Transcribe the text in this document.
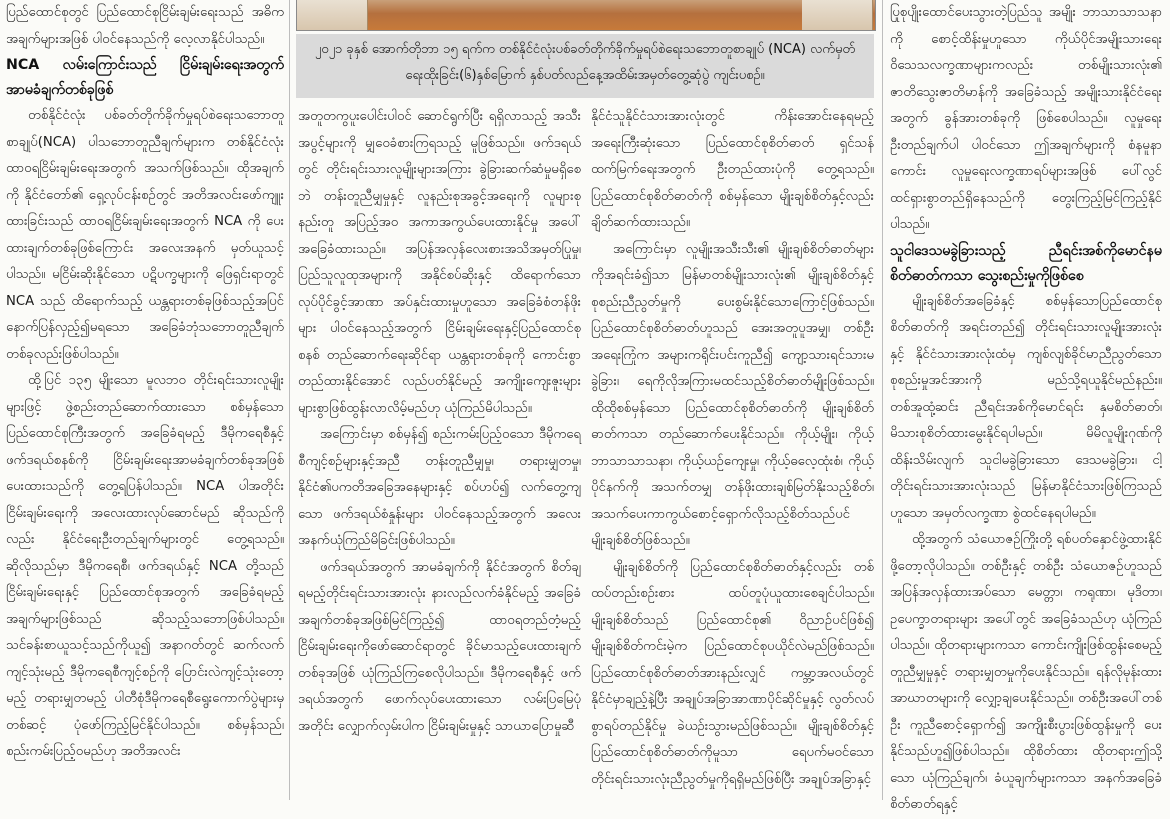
ပြည်ထောင်စုတွင် ပြည်ထောင်စုငြိမ်းချမ်းရေးသည် အဓိကအချက်များအဖြစ် ပါဝင်နေသည်ကို လေ့လာနိုင်ပါသည်။

NCA လမ်းကြောင်းသည် ငြိမ်းချမ်းရေးအတွက် အာမခံချက်တစ်ခုဖြစ်

တစ်နိုင်ငံလုံး ပစ်ခတ်တိုက်ခိုက်မှုရပ်စဲရေးသဘောတူစာချုပ်(NCA) ပါသဘောတူညီချက်များက တစ်နိုင်ငံလုံးထာဝရငြိမ်းချမ်းရေးအတွက် အသက်ဖြစ်သည်။ ထိုအချက်ကို နိုင်ငံတော်၏ ရှေ့လုပ်ငန်းစဉ်တွင် အတိအလင်းဖော်ကျူးထားခြင်းသည် ထာဝရငြိမ်းချမ်းရေးအတွက် NCA ကို ပေးထားချက်တစ်ခုဖြစ်ကြောင်း အလေးအနက် မှတ်ယူသင့်ပါသည်။ မငြိမ်းဆိုးနိုင်သော ပဋိပက္ခများကို ဖြေရှင်းရာတွင် NCA သည် ထိရောက်သည့် ယန္တရားတစ်ခုဖြစ်သည့်အပြင် နောက်ပြန်လှည့်၍မရသော အခြေခံဘုံသဘောတူညီချက်တစ်ခုလည်းဖြစ်ပါသည်။

ထို့ပြင် ၁၃၅ မျိုးသော မူလဘဝ တိုင်းရင်းသားလူမျိုးများဖြင့် ဖွဲ့စည်းတည်ဆောက်ထားသော စစ်မှန်သောပြည်ထောင်စုကြီးအတွက် အခြေခံရမည့် ဒီမိုကရေစီနှင့် ဖက်ဒရယ်စနစ်ကို ငြိမ်းချမ်းရေးအာမခံချက်တစ်ခုအဖြစ် ပေးထားသည်ကို တွေ့ရပြန်ပါသည်။ NCA ပါအတိုင်း ငြိမ်းချမ်းရေးကို အလေးထားလုပ်ဆောင်မည် ဆိုသည်ကိုလည်း နိုင်ငံရေးဦးတည်ချက်များတွင် တွေ့ရသည်။ ဆိုလိုသည်မှာ ဒီမိုကရေစီ၊ ဖက်ဒရယ်နှင့် NCA တို့သည် ငြိမ်းချမ်းရေးနှင့် ပြည်ထောင်စုအတွက် အခြေခံရမည့်အချက်များဖြစ်သည် ဆိုသည့်သဘောဖြစ်ပါသည်။ သင်ခန်းစာယူသင့်သည်ကိုယူ၍ အနာဂတ်တွင် ဆက်လက်ကျင့်သုံးမည့် ဒီမိုကရေစီကျင့်စဉ်ကို ပြောင်းလဲကျင့်သုံးတော့မည့် တရားမျှတမည့် ပါတီစုံဒီမိုကရေစီရွေးကောက်ပွဲများမှတစ်ဆင့် ပုံဖော်ကြည့်မြင်နိုင်ပါသည်။ စစ်မှန်သည်၊ စည်းကမ်းပြည့်ဝမည်ဟု အတိအလင်း

၂၀၂၁ ခုနှစ် အောက်တိုဘာ ၁၅ ရက်က တစ်နိုင်ငံလုံးပစ်ခတ်တိုက်ခိုက်မှုရပ်စဲရေးသဘောတူစာချုပ် (NCA) လက်မှတ်ရေးထိုးခြင်း(၆)နှစ်မြောက် နှစ်ပတ်လည်နေ့အထိမ်းအမှတ်တွေ့ဆုံပွဲ ကျင်းပစဉ်။

အတူတကွပူးပေါင်းပါဝင် ဆောင်ရွက်ပြီး ရရှိလာသည့် အသီးအပွင့်များကို မျှဝေခံစားကြရသည့် မူဖြစ်သည်။ ဖက်ဒရယ်တွင် တိုင်းရင်းသားလူမျိုးများအကြား ခွဲခြားဆက်ဆံမှုမရှိစေဘဲ တန်းတူညီမျှမှုနှင့် လူနည်းစုအခွင့်အရေးကို လူများစုနည်းတူ အပြည့်အဝ အကာအကွယ်ပေးထားနိုင်မှု အပေါ် အခြေခံထားသည်။ အပြန်အလှန်လေးစားအသိအမှတ်ပြုမှု၊ ပြည်သူလူထုအများကို အနိုင်စပ်ဆိုးနှင့် ထိရောက်သော လုပ်ပိုင်ခွင့်အာဏာ အပ်နှင်းထားမှုဟူသော အခြေခံစံတန်ဖိုးများ ပါဝင်နေသည့်အတွက် ငြိမ်းချမ်းရေးနှင့်ပြည်ထောင်စုစနစ် တည်ဆောက်ရေးဆိုင်ရာ ယန္တရားတစ်ခုကို ကောင်းစွာတည်ထားနိုင်အောင် လည်ပတ်နိုင်မည့် အကျိုးကျေးဇူးများ များစွာဖြစ်ထွန်းလာလိမ့်မည်ဟု ယုံကြည်မိပါသည်။

အကြောင်းမှာ စစ်မှန်၍ စည်းကမ်းပြည့်ဝသော ဒီမိုကရေစီကျင့်စဉ်များနှင့်အညီ တန်းတူညီမျှမှု၊ တရားမျှတမှု၊ နိုင်ငံ၏ပကတိအခြေအနေများနှင့် စပ်ဟပ်၍ လက်တွေ့ကျသော ဖက်ဒရယ်စံနှုန်းများ ပါဝင်နေသည့်အတွက် အလေးအနက်ယုံကြည်မိခြင်းဖြစ်ပါသည်။

ဖက်ဒရယ်အတွက် အာမခံချက်ကို နိုင်ငံအတွက် စိတ်ချရမည့်တိုင်းရင်းသားအားလုံး နားလည်လက်ခံနိုင်မည့် အခြေခံအချက်တစ်ခုအဖြစ်မြင်ကြည့်၍ ထာဝရတည်တံ့မည့် ငြိမ်းချမ်းရေးကိုဖော်ဆောင်ရာတွင် ခိုင်မာသည့်ပေးထားချက်တစ်ခုအဖြစ် ယုံကြည်ကြစေလိုပါသည်။ ဒီမိုကရေစီနှင့် ဖက်ဒရယ်အတွက် ဖောက်လုပ်ပေးထားသော လမ်းပြမြေပုံအတိုင်း လျှောက်လှမ်းပါက ငြိမ်းချမ်းမှုနှင့် သာယာပြောမှုဆီ

နိုင်ငံသူနိုင်ငံသားအားလုံးတွင် ကိန်းအောင်းနေရမည့် အရေးကြီးဆုံးသော ပြည်ထောင်စုစိတ်ဓာတ် ရှင်သန်ထက်မြက်ရေးအတွက် ဦးတည်ထားပုံကို တွေ့ရသည်။ ပြည်ထောင်စုစိတ်ဓာတ်ကို စစ်မှန်သော မျိုးချစ်စိတ်နှင့်လည်း ချိတ်ဆက်ထားသည်။

အကြောင်းမှာ လူမျိုးအသီးသီး၏ မျိုးချစ်စိတ်ဓာတ်များကိုအရင်းခံ၍သာ မြန်မာတစ်မျိုးသားလုံး၏ မျိုးချစ်စိတ်နှင့် စုစည်းညီညွတ်မှုကို ပေးစွမ်းနိုင်သောကြောင့်ဖြစ်သည်။ ပြည်ထောင်စုစိတ်ဓာတ်ဟူသည် အေးအတူပူအမျှ၊ တစ်ဦးအရေးကြုံက အများကရိုင်းပင်းကူညီ၍ ကျော့သားရင်သားမခွဲခြား၊ ရေကိုလိုအကြားမထင်သည့်စိတ်ဓာတ်မျိုးဖြစ်သည်။ ထိုထိုစစ်မှန်သော ပြည်ထောင်စုစိတ်ဓာတ်ကို မျိုးချစ်စိတ်ဓာတ်ကသာ တည်ဆောက်ပေးနိုင်သည်။ ကိုယ့်မျိုး၊ ကိုယ့်ဘာသာသာသနာ၊ ကိုယ့်ယဉ်ကျေးမှု၊ ကိုယ့်ဓလေ့ထုံးစံ၊ ကိုယ့်ပိုင်နက်ကို အသက်တမျှ တန်ဖိုးထားချစ်မြတ်နိုးသည့်စိတ်၊ အသက်ပေးကာကွယ်စောင့်ရှောက်လိုသည့်စိတ်သည်ပင် မျိုးချစ်စိတ်ဖြစ်သည်။

မျိုးချစ်စိတ်ကို ပြည်ထောင်စုစိတ်ဓာတ်နှင့်လည်း တစ်ထပ်တည်းစဉ်းစား ထပ်တူပုံယူထားစေချင်ပါသည်။ မျိုးချစ်စိတ်သည် ပြည်ထောင်စု၏ ဝိညာဉ်ပင်ဖြစ်၍ မျိုးချစ်စိတ်ကင်းမဲ့က ပြည်ထောင်စုပယိုင်လဲမည်ဖြစ်သည်။ ပြည်ထောင်စုစိတ်ဓာတ်အားနည်းလျှင် ကမ္ဘာ့အလယ်တွင် နိုင်ငံမှာချည့်နဲ့ပြီး အချုပ်အခြာအာဏာပိုင်ဆိုင်မှုနှင့် လွတ်လပ်စွာရပ်တည်နိုင်မှု ခဲယဉ်းသွားမည်ဖြစ်သည်။ မျိုးချစ်စိတ်နှင့်ပြည်ထောင်စုစိတ်ဓာတ်ကိုမူသာ ရေပက်မဝင်သော တိုင်းရင်းသားလုံးညီညွတ်မှုကိုရရှိမည်ဖြစ်ပြီး အချုပ်အခြာနှင့်

ပြုစုပျိုးထောင်ပေးသွားတဲ့ပြည်သူ အမျိုး ဘာသာသာသနာကို စောင့်ထိန်းမှုဟူသော ကိုယ်ပိုင်အမျိုးသားရေး ဝိသေသလက္ခဏာများကလည်း တစ်မျိုးသားလုံး၏ ဇာတိသွေးဇာတိမာန်ကို အခြေခံသည့် အမျိုးသားနိုင်ငံရေးအတွက် ခွန်အားတစ်ခုကို ဖြစ်စေပါသည်။ လူမှုရေးဦးတည်ချက်ပါ ပါဝင်သော ဤအချက်များကို စံနမူနာကောင်း လူမှုရေးလက္ခဏာရပ်များအဖြစ် ပေါ်လွင်ထင်ရှားစွာတည်ရှိနေသည်ကို တွေးကြည့်မြင်ကြည့်နိုင်ပါသည်။

သူငါဒေသမခွဲခြားသည့် ညီရင်းအစ်ကိုမောင်နမစိတ်ဓာတ်ကသာ သွေးစည်းမှုကိုဖြစ်စေ

မျိုးချစ်စိတ်အခြေခံနှင့် စစ်မှန်သောပြည်ထောင်စုစိတ်ဓာတ်ကို အရင်းတည်၍ တိုင်းရင်းသားလူမျိုးအားလုံးနှင့် နိုင်ငံသားအားလုံးထံမှ ကျစ်လျစ်ခိုင်မာညီညွတ်သော စုစည်းမှုအင်အားကို မည်သို့ရယူနိုင်မည်နည်း။ တစ်အူထုံ့ဆင်း ညီရင်းအစ်ကိုမောင်ရင်း နှမစိတ်ဓာတ်၊ မိသားစုစိတ်ထားမွေးနိုင်ရပါမည်။ မိမိလူမျိုးဂုဏ်ကိုထိန်းသိမ်းလျက် သူငါမခွဲခြားသော ဒေသမခွဲခြား၊ ငါ့တိုင်းရင်းသားအားလုံးသည် မြန်မာနိုင်ငံသားဖြစ်ကြသည်ဟူသော အမှတ်လက္ခဏာ စွဲထင်နေရပါမည်။

ထို့အတွက် သံယောဇဉ်ကြိုးတို့ ရစ်ပတ်နှောင်ဖွဲ့ထားနိုင်ဖို့တော့လိုပါသည်။ တစ်ဦးနှင့် တစ်ဦး သံယောဇဉ်ဟူသည် အပြန်အလှန်ထားအပ်သော မေတ္တာ၊ ကရုဏာ၊ မုဒိတာ၊ ဥပေက္ခာတရားများ အပေါ်တွင် အခြေခံသည်ဟု ယုံကြည်ပါသည်။ ထိုတရားများကသာ ကောင်းကျိုးဖြစ်ထွန်းစေမည့် တူညီမျှမှုနှင့် တရားမျှတမှုကိုပေးနိုင်သည်။ ရန်လိုမုန်းထား အာဃာတများကို လျှော့ချပေးနိုင်သည်။ တစ်ဦးအပေါ်တစ်ဦး ကူညီစောင့်ရှောက်၍ အကျိုးစီးပွားဖြစ်ထွန်းမှုကို ပေးနိုင်သည်ဟူ၍ဖြစ်ပါသည်။ ထိုစိတ်ထား ထိုတရားဤသို့သော ယုံကြည်ချက်၊ ခံယူချက်များကသာ အနက်အခြေခံစိတ်ဓာတ်ရနှင့်
